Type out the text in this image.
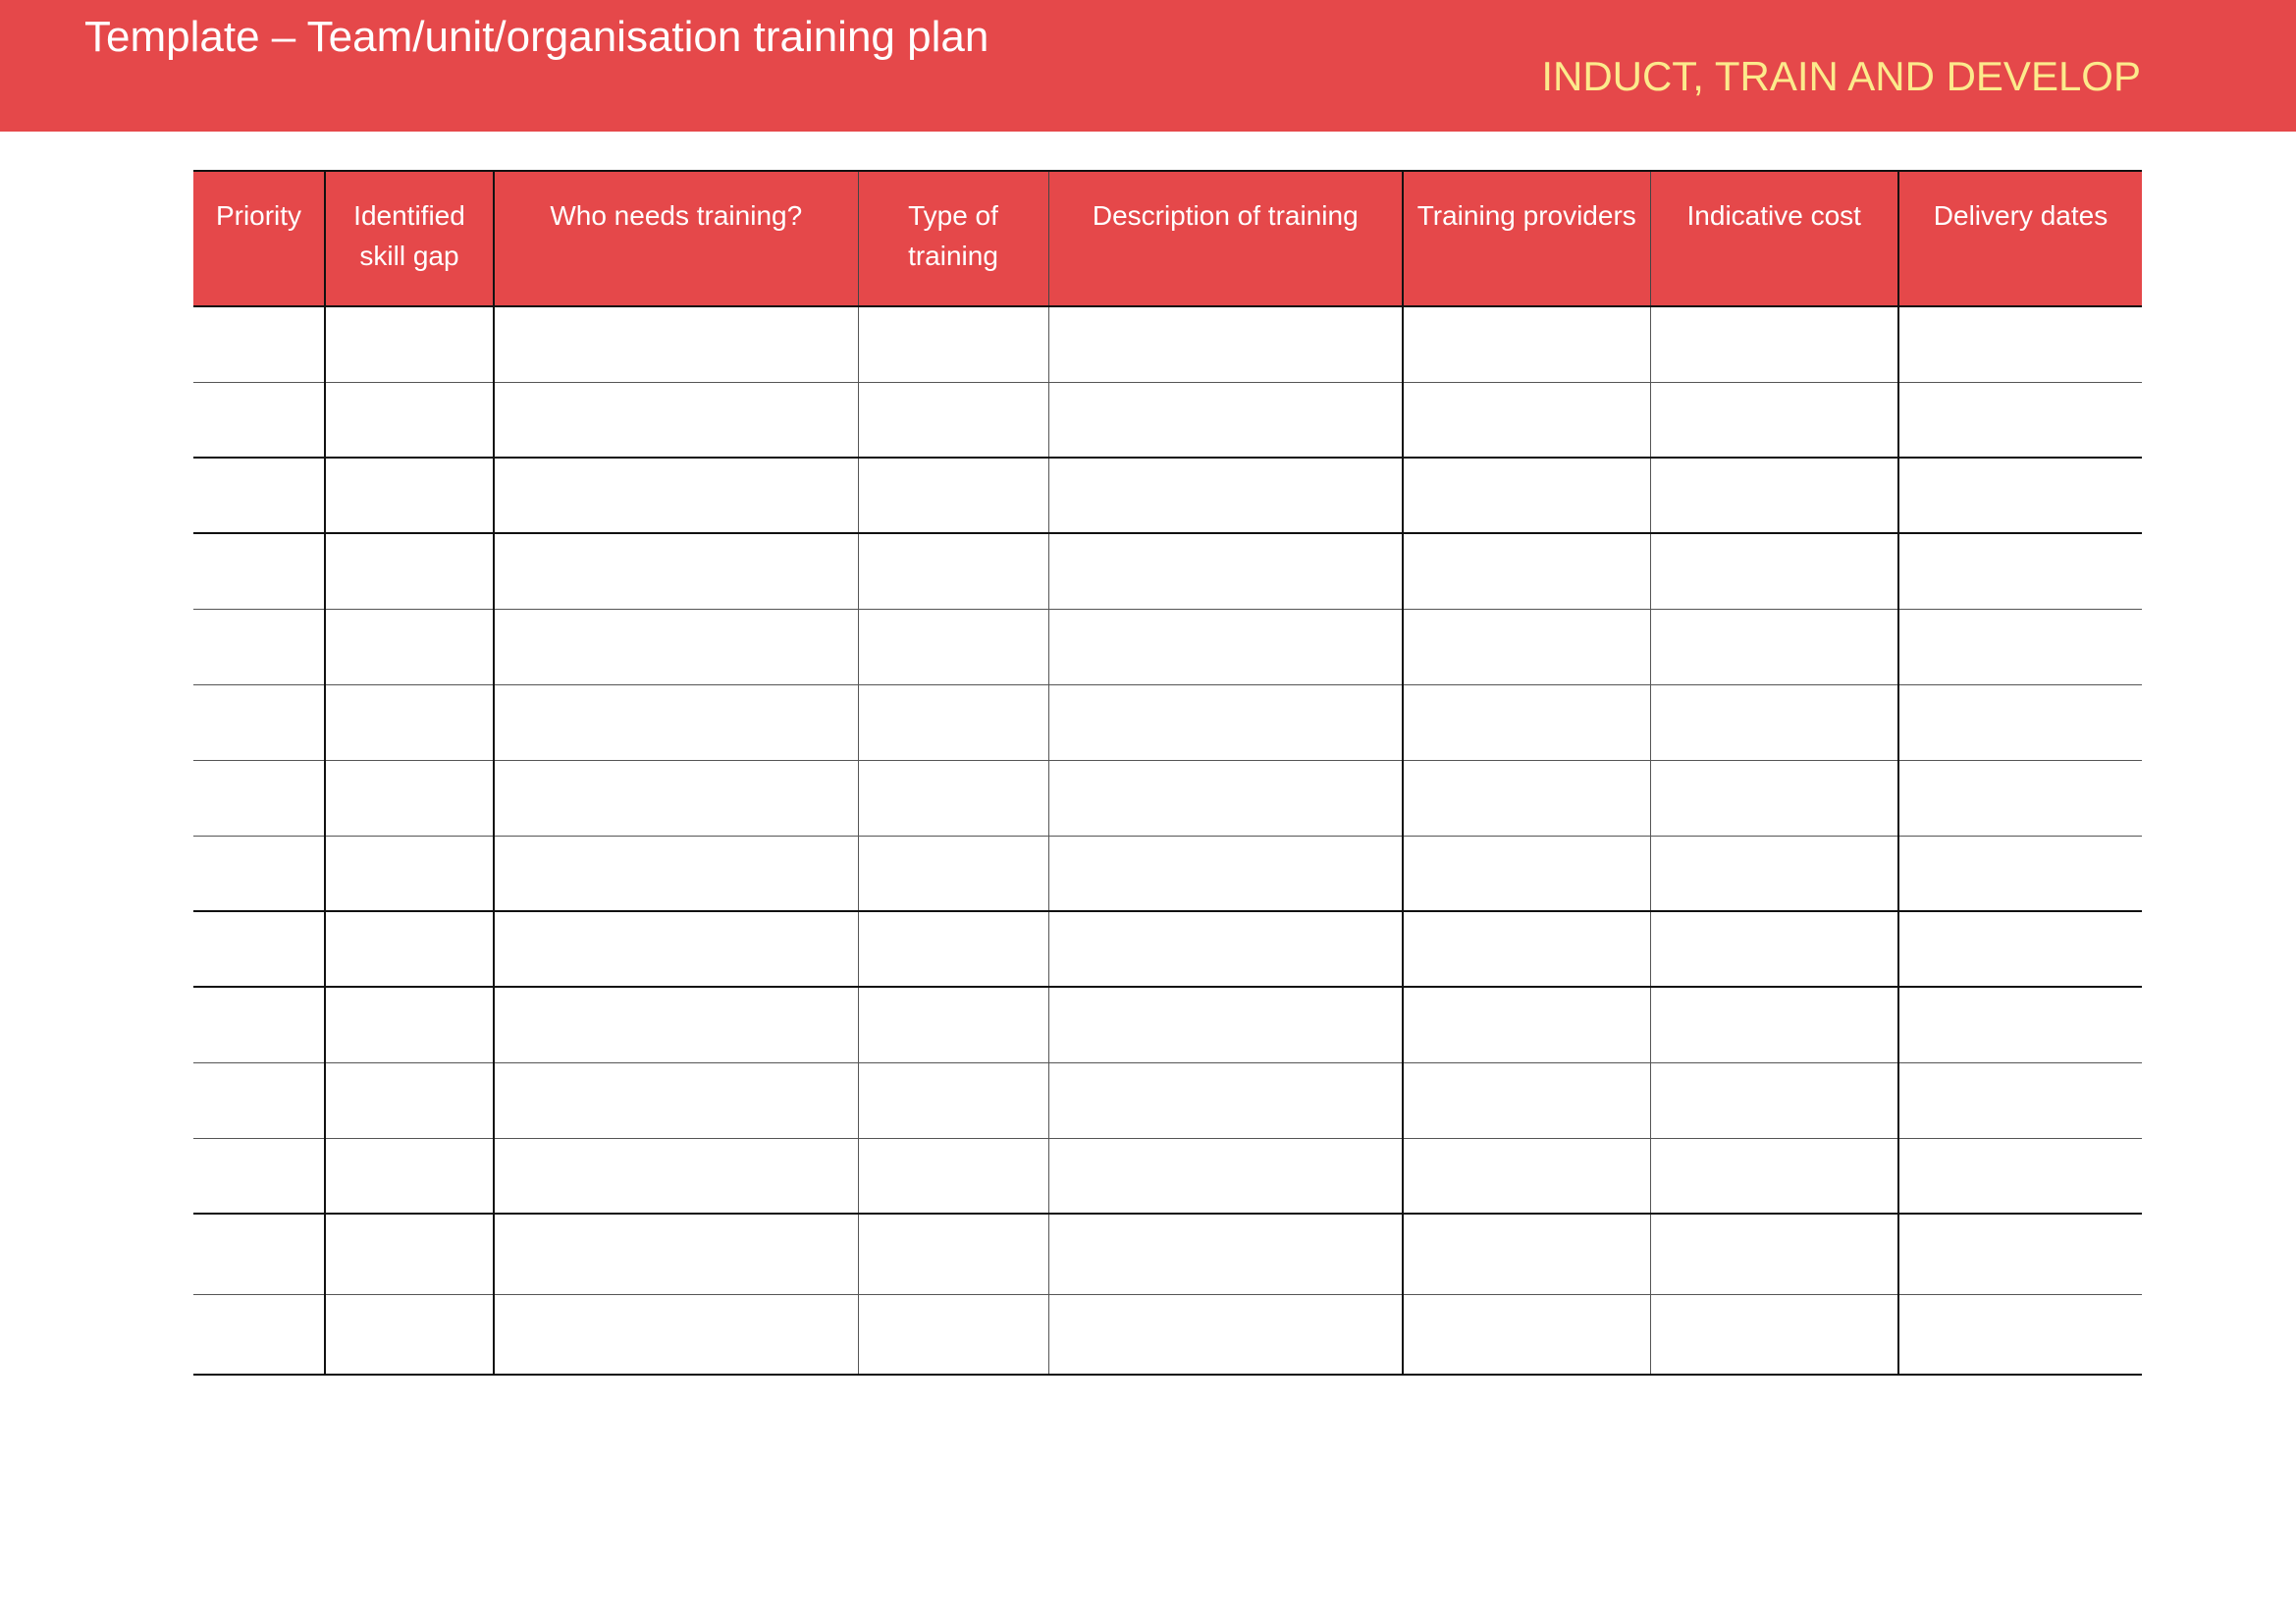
Template – Team/unit/organisation training plan
INDUCT, TRAIN AND DEVELOP
Priority	Identified skill gap	Who needs training?	Type of training	Description of training	Training providers	Indicative cost	Delivery dates
